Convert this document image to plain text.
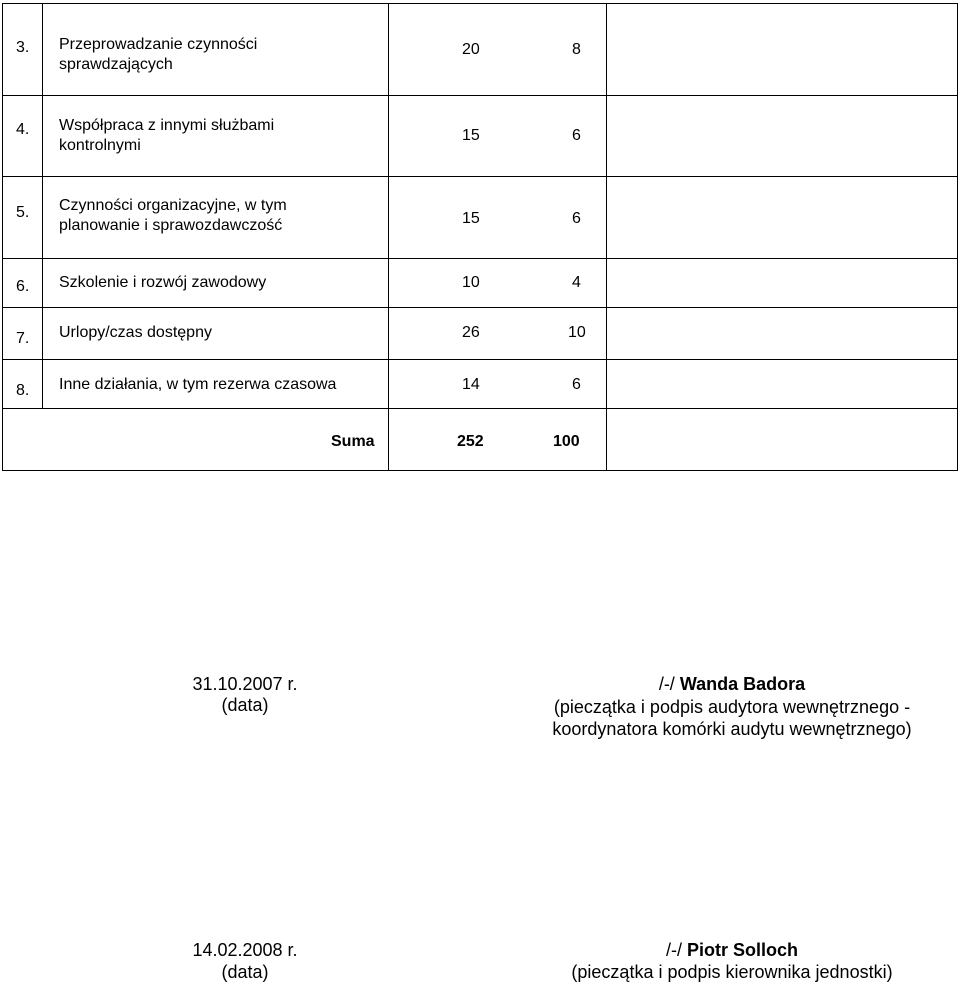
3. Przeprowadzanie czynności
sprawdzających
20	8
4. Współpraca z innymi służbami
kontrolnymi
15	6
5. Czynności organizacyjne, w tym
planowanie i sprawozdawczość	15	6
6. Szkolenie i rozwój zawodowy	10	4
7. Urlopy/czas dostępny	26	10
8. Inne działania, w tym rezerwa czasowa	14	6
Suma	252	100
31.10.2007 r.
(data)
/-/ Wanda Badora
(pieczątka i podpis audytora wewnętrznego -
koordynatora komórki audytu wewnętrznego)
14.02.2008 r.
(data)
/-/ Piotr Solloch
(pieczątka i podpis kierownika jednostki)
